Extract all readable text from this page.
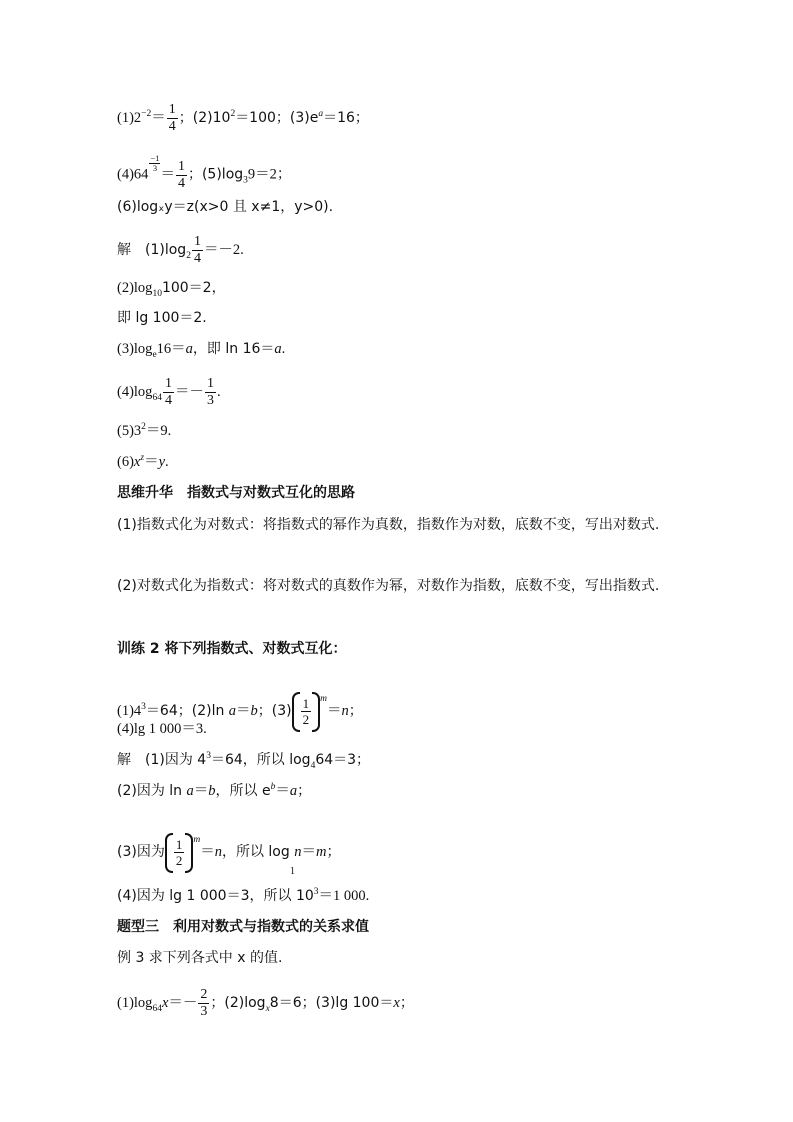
$(1)2^{-2}= \frac{1}{4}$ ；$(2)10^2=100$；$(3)e^a=16$；
(4)64
$\frac{-1}{3}$
＝ $\frac{1}{4}$ ；$(5)\log_39=2$；
(6)logₓy＝z(x>0 且 x≠1，y>0).
解　$(1)\log_2 \frac{1}{4} =-2$.
$(2)\log_{10}100=2$，
即 lg 100＝2.
$(3)\log_e16=a$，即 ln 16＝a.
$(4)\log_{64} \frac{1}{4} =- \frac{1}{3}$ .
$(5)3^2=9$.
$(6)x^z=y$.
思维升华　指数式与对数式互化的思路
(1)指数式化为对数式：将指数式的幂作为真数，指数作为对数，底数不变，写出对数式.
(2)对数式化为指数式：将对数式的真数作为幂，对数作为指数，底数不变，写出指数式.
训练 2 将下列指数式、对数式互化：
$(1)4^3=64$；(2)ln a＝b；$(3) \frac{1}{2} ^m=n$；
(4)lg 1 000＝3.
解　(1)因为 $4^3=64$，所以 $\log_464=3$；
(2)因为 ln a＝b，所以 $e^b=a$；
(3)因为 $\frac{1}{2} ^m=n$，所以 log n＝m；
1
(4)因为 lg 1 000＝3，所以 $10^3=1$ 000.
题型三　利用对数式与指数式的关系求值
例 3 求下列各式中 x 的值.
$(1)\log_{64}x=- \frac{2}{3}$ ；$(2)\log_x8=6$；(3)lg 100＝x；
